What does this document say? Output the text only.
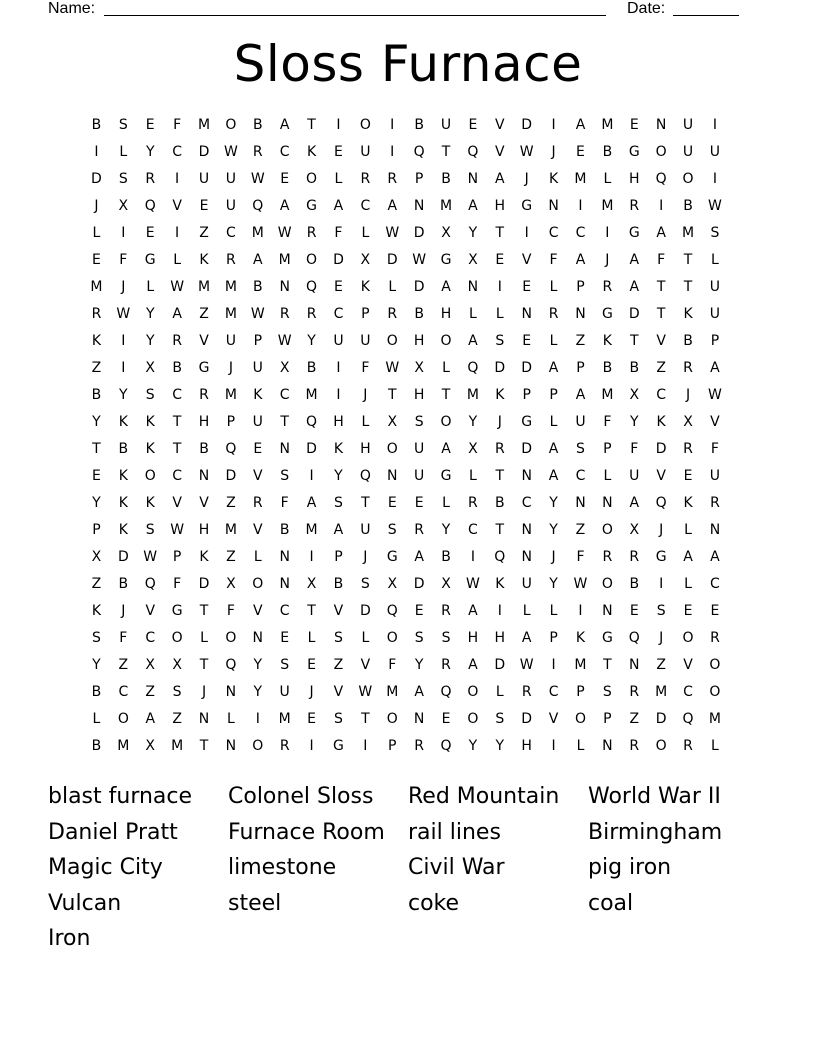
Name:	Date:
Sloss Furnace
B	S	E	F	M	O	B	A	T	I	O	I	B	U	E	V	D	I	A	M	E	N	U	I
I	L	Y	C	D	W	R	C	K	E	U	I	Q	T	Q	V	W	J	E	B	G	O	U	U
D	S	R	I	U	U	W	E	O	L	R	R	P	B	N	A	J	K	M	L	H	Q	O	I
J	X	Q	V	E	U	Q	A	G	A	C	A	N	M	A	H	G	N	I	M	R	I	B	W
L	I	E	I	Z	C	M W	R	F	L	W	D	X	Y	T	I	C	C	I	G	A	M	S
E	F	G	L	K	R	A	M	O	D	X	D	W	G	X	E	V	F	A	J	A	F	T	L
M	J	L	W M	M	B	N	Q	E	K	L	D	A	N	I	E	L	P	R	A	T	T	U
R	W	Y	A	Z	M W	R	R	C	P	R	B	H	L	L	N	R	N	G	D	T	K	U
K	I	Y	R	V	U	P	W	Y	U	U	O	H	O	A	S	E	L	Z	K	T	V	B	P
Z	I	X	B	G	J	U	X	B	I	F	W	X	L	Q	D	D	A	P	B	B	Z	R	A
B	Y	S	C	R	M	K	C	M	I	J	T	H	T	M	K	P	P	A	M	X	C	J	W
Y	K	K	T	H	P	U	T	Q	H	L	X	S	O	Y	J	G	L	U	F	Y	K	X	V
T	B	K	T	B	Q	E	N	D	K	H	O	U	A	X	R	D	A	S	P	F	D	R	F
E	K	O	C	N	D	V	S	I	Y	Q	N	U	G	L	T	N	A	C	L	U	V	E	U
Y	K	K	V	V	Z	R	F	A	S	T	E	E	L	R	B	C	Y	N	N	A	Q	K	R
P	K	S	W	H	M	V	B	M	A	U	S	R	Y	C	T	N	Y	Z	O	X	J	L	N
X	D	W	P	K	Z	L	N	I	P	J	G	A	B	I	Q	N	J	F	R	R	G	A	A
Z	B	Q	F	D	X	O	N	X	B	S	X	D	X	W	K	U	Y	W	O	B	I	L	C
K	J	V	G	T	F	V	C	T	V	D	Q	E	R	A	I	L	L	I	N	E	S	E	E
S	F	C	O	L	O	N	E	L	S	L	O	S	S	H	H	A	P	K	G	Q	J	O	R
Y	Z	X	X	T	Q	Y	S	E	Z	V	F	Y	R	A	D	W	I	M	T	N	Z	V	O
B	C	Z	S	J	N	Y	U	J	V	W M	A	Q	O	L	R	C	P	S	R	M	C	O
L	O	A	Z	N	L	I	M	E	S	T	O	N	E	O	S	D	V	O	P	Z	D	Q	M
B	M	X	M	T	N	O	R	I	G	I	P	R	Q	Y	Y	H	I	L	N	R	O	R	L
blast furnace	Colonel Sloss	Red Mountain	World War II
Daniel Pratt	Furnace Room	rail lines	Birmingham
Magic City	limestone	Civil War	pig iron
Vulcan	steel	coke	coal
Iron
